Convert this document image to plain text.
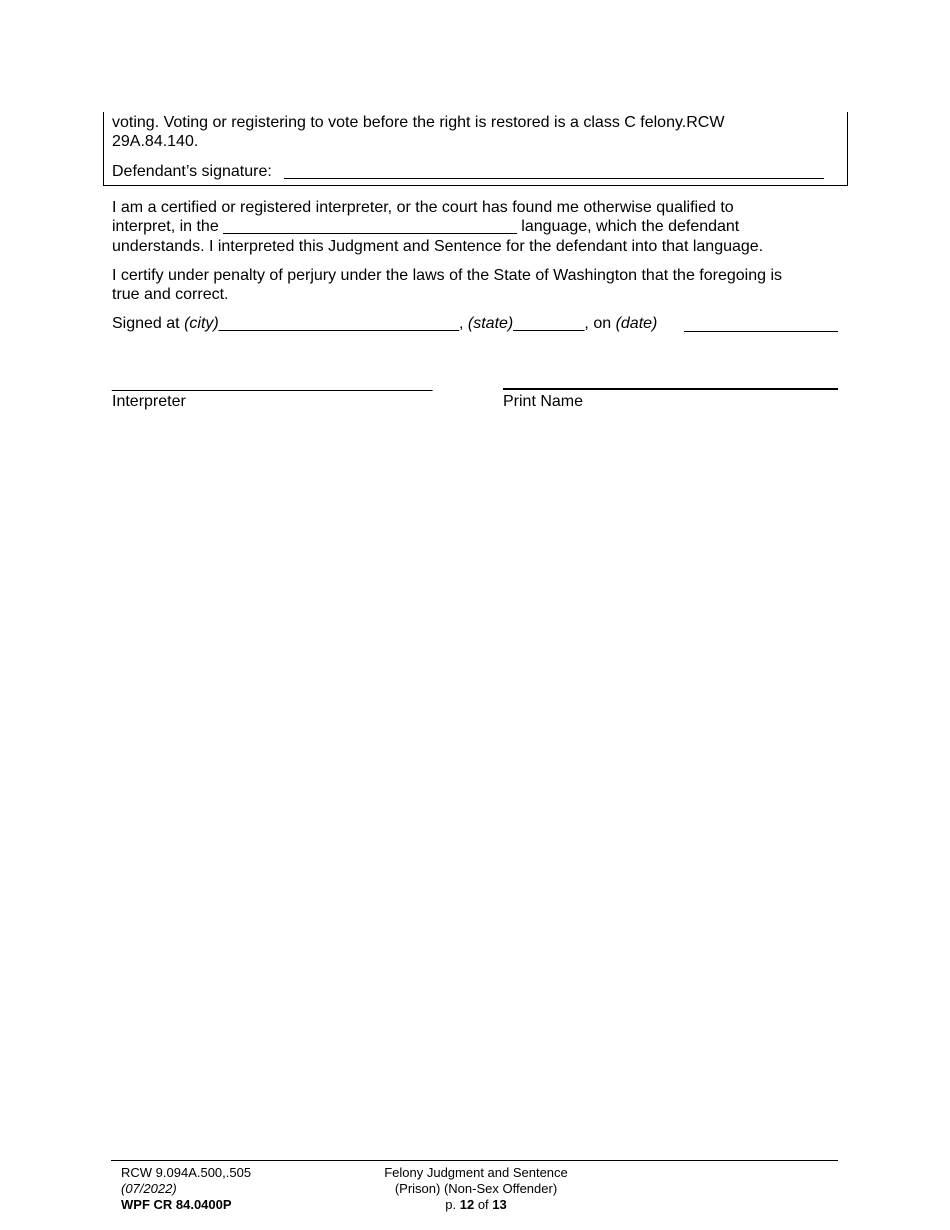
voting. Voting or registering to vote before the right is restored is a class C felony.RCW
29A.84.140.
Defendant’s signature:
I am a certified or registered interpreter, or the court has found me otherwise qualified to
interpret, in the _________________________________ language, which the defendant
understands. I interpreted this Judgment and Sentence for the defendant into that language.
I certify under penalty of perjury under the laws of the State of Washington that the foregoing is
true and correct.
Signed at (city)___________________________, (state)________, on (date)
____________________________________
Interpreter	Print Name
RCW 9.094A.500,.505
(07/2022)
WPF CR 84.0400P
Felony Judgment and Sentence
(Prison) (Non-Sex Offender)
p. 12 of 13
